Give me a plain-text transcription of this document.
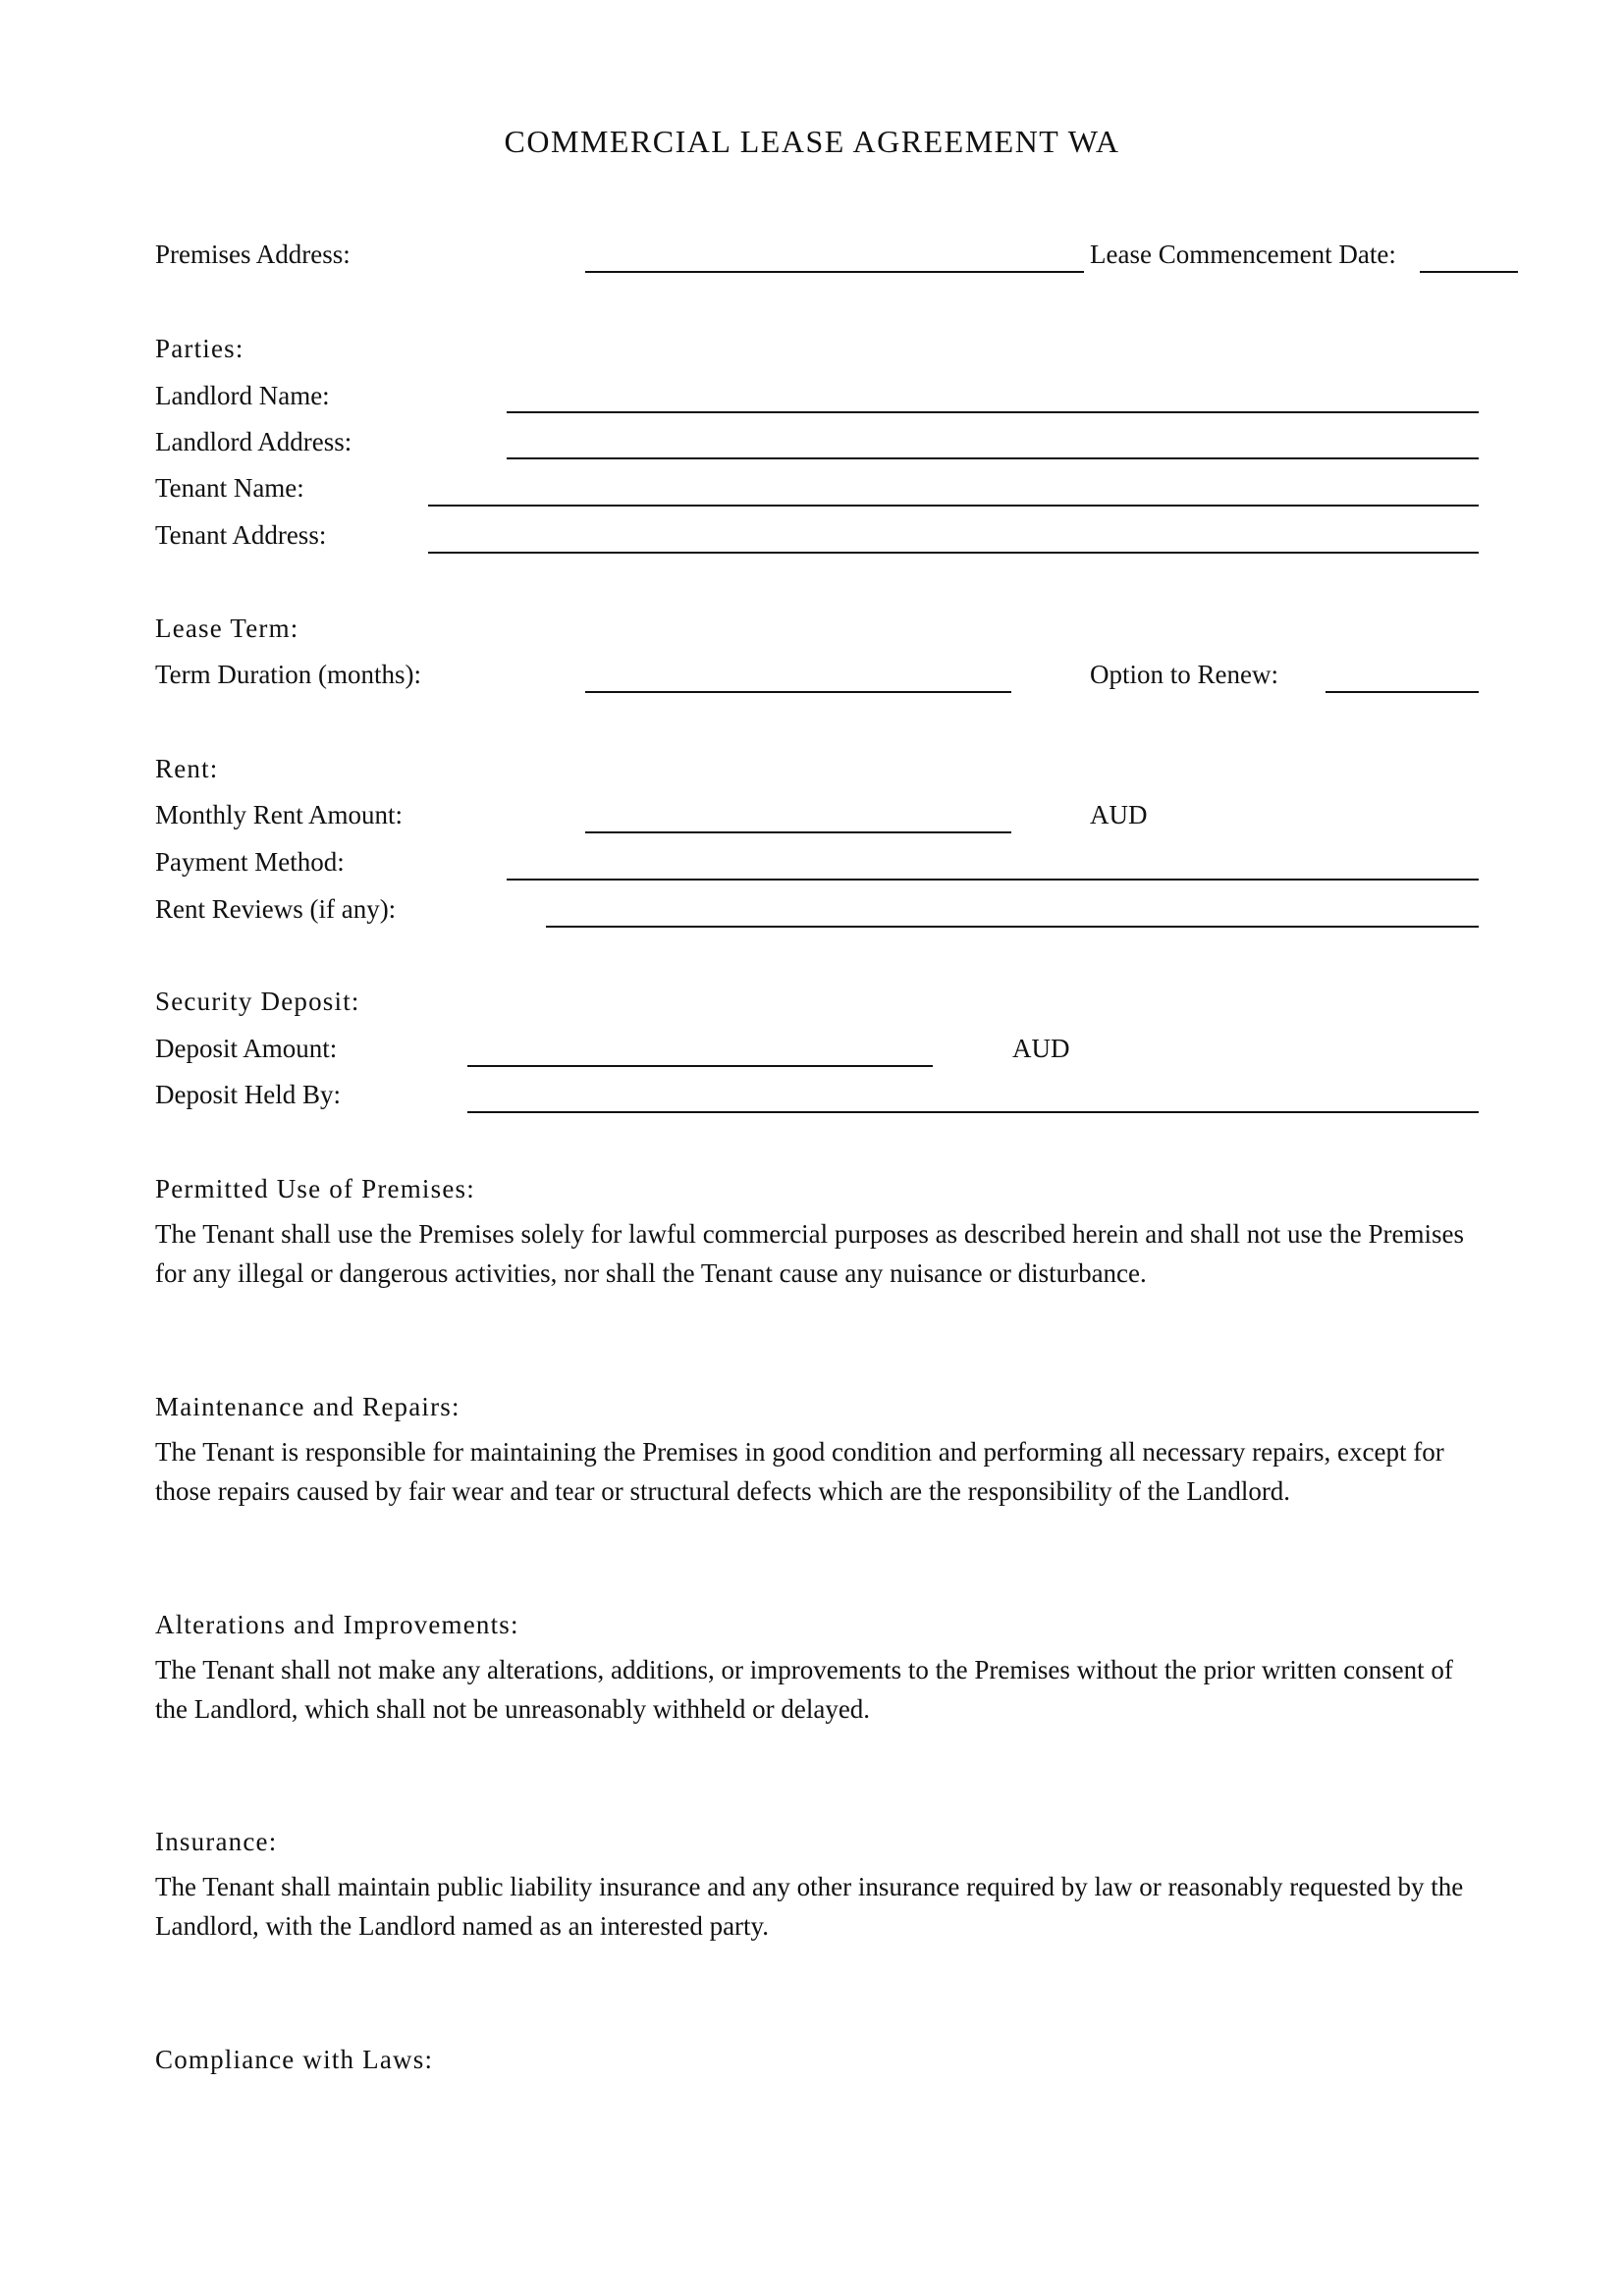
COMMERCIAL LEASE AGREEMENT WA
Premises Address:	Lease Commencement Date:
Parties:
Landlord Name:
Landlord Address:
Tenant Name:
Tenant Address:
Lease Term:
Term Duration (months):	Option to Renew:
Rent:
Monthly Rent Amount:	AUD
Payment Method:
Rent Reviews (if any):
Security Deposit:
Deposit Amount:	AUD
Deposit Held By:
Permitted Use of Premises:
The Tenant shall use the Premises solely for lawful commercial purposes as described herein and shall not use the Premises for any illegal or dangerous activities, nor shall the Tenant cause any nuisance or disturbance.
Maintenance and Repairs:
The Tenant is responsible for maintaining the Premises in good condition and performing all necessary repairs, except for those repairs caused by fair wear and tear or structural defects which are the responsibility of the Landlord.
Alterations and Improvements:
The Tenant shall not make any alterations, additions, or improvements to the Premises without the prior written consent of the Landlord, which shall not be unreasonably withheld or delayed.
Insurance:
The Tenant shall maintain public liability insurance and any other insurance required by law or reasonably requested by the Landlord, with the Landlord named as an interested party.
Compliance with Laws:
